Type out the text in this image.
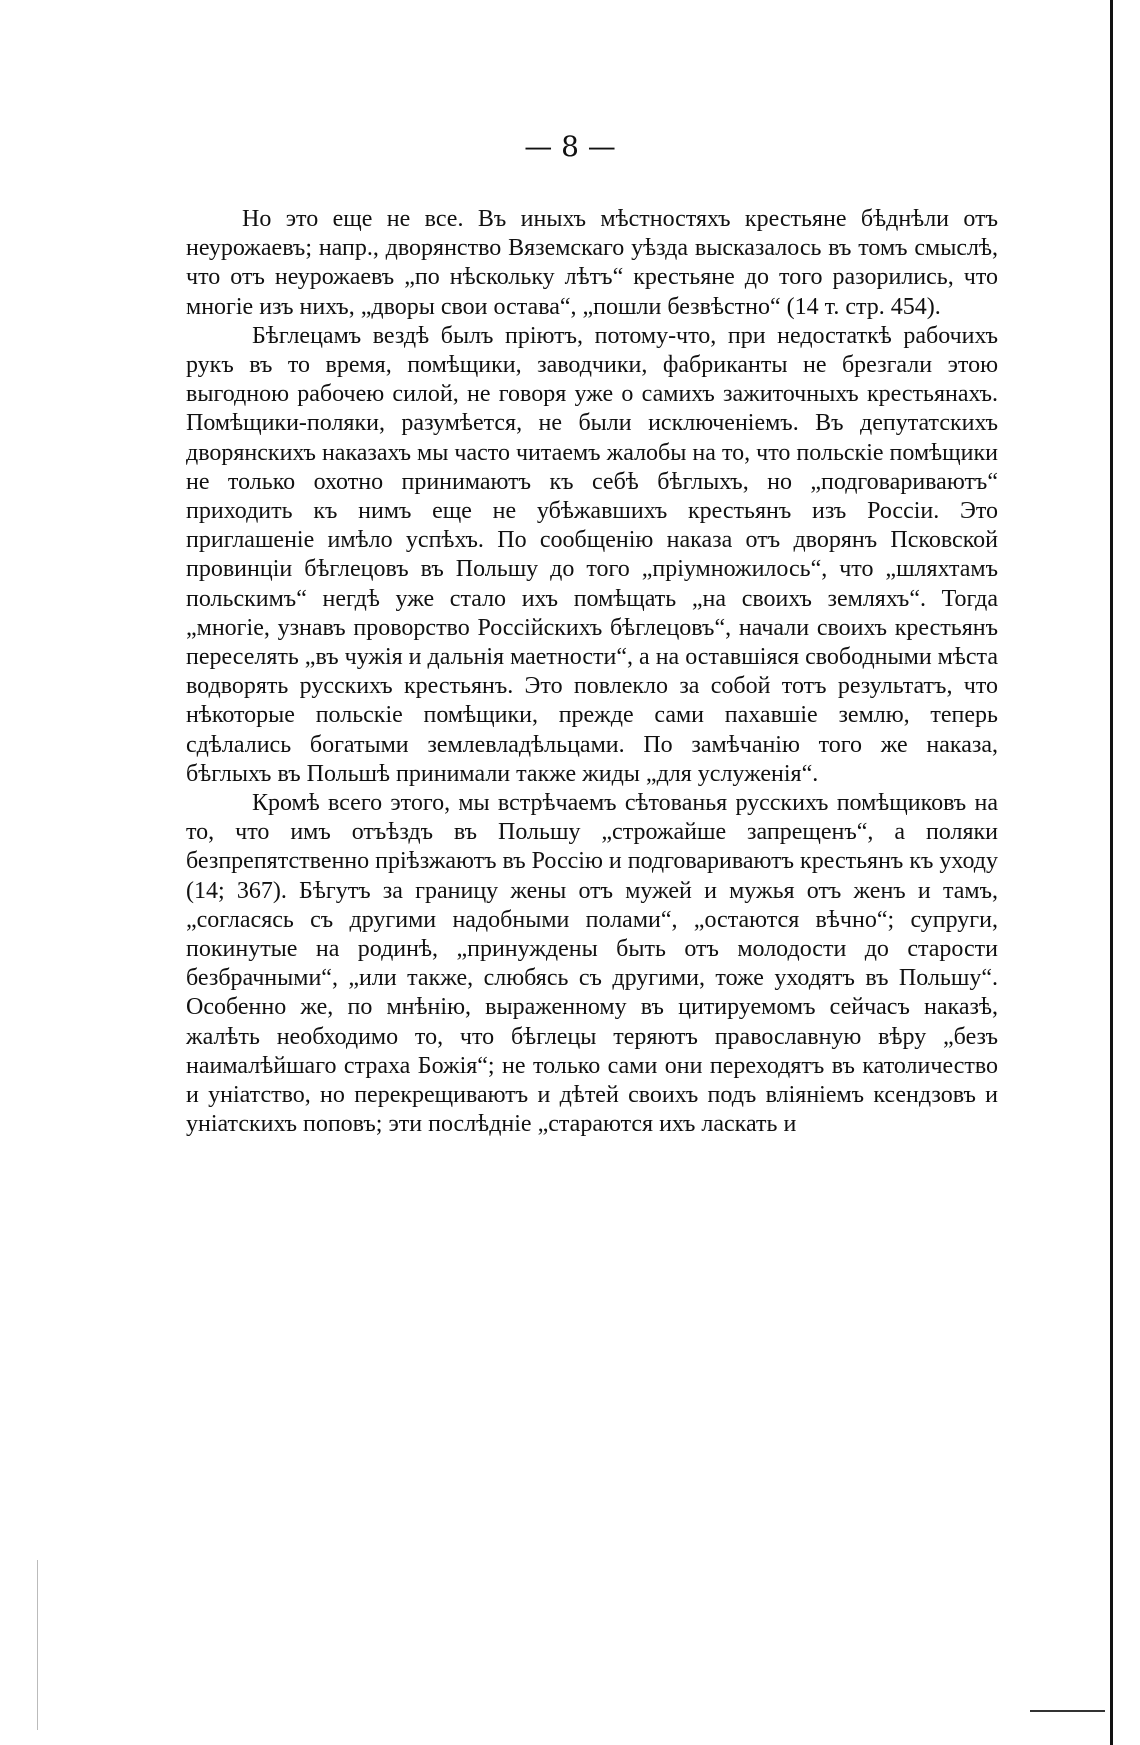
— 8 —

Но это еще не все. Въ иныхъ мѣстностяхъ крестьяне бѣднѣли отъ неурожаевъ; напр., дворянство Вяземскаго уѣзда высказалось въ томъ смыслѣ, что отъ неурожаевъ „по нѣскольку лѣтъ“ крестьяне до того разорились, что многіе изъ нихъ, „дворы свои остава“, „пошли безвѣстно“ (14 т. стр. 454).

Бѣглецамъ вездѣ былъ пріютъ, потому-что, при недостаткѣ рабочихъ рукъ въ то время, помѣщики, заводчики, фабриканты не брезгали этою выгодною рабочею силой, не говоря уже о самихъ зажиточныхъ крестьянахъ. Помѣщики-поляки, разумѣется, не были исключеніемъ. Въ депутатскихъ дворянскихъ наказахъ мы часто читаемъ жалобы на то, что польскіе помѣщики не только охотно принимаютъ къ себѣ бѣглыхъ, но „подговариваютъ“ приходить къ нимъ еще не убѣжавшихъ крестьянъ изъ Россіи. Это приглашеніе имѣло успѣхъ. По сообщенію наказа отъ дворянъ Псковской провинціи бѣглецовъ въ Польшу до того „пріумножилось“, что „шляхтамъ польскимъ“ негдѣ уже стало ихъ помѣщать „на своихъ земляхъ“. Тогда „многіе, узнавъ проворство Россійскихъ бѣглецовъ“, начали своихъ крестьянъ переселять „въ чужія и дальнія маетности“, а на оставшіяся свободными мѣста водворять русскихъ крестьянъ. Это повлекло за собой тотъ результатъ, что нѣкоторые польскіе помѣщики, прежде сами пахавшіе землю, теперь сдѣлались богатыми землевладѣльцами. По замѣчанію того же наказа, бѣглыхъ въ Польшѣ принимали также жиды „для услуженія“.

Кромѣ всего этого, мы встрѣчаемъ сѣтованья русскихъ помѣщиковъ на то, что имъ отъѣздъ въ Польшу „строжайше запрещенъ“, а поляки безпрепятственно пріѣзжаютъ въ Россію и подговариваютъ крестьянъ къ уходу (14; 367). Бѣгутъ за границу жены отъ мужей и мужья отъ женъ и тамъ, „согласясь съ другими надобными полами“, „остаются вѣчно“; супруги, покинутые на родинѣ, „принуждены быть отъ молодости до старости безбрачными“, „или также, слюбясь съ другими, тоже уходятъ въ Польшу“. Особенно же, по мнѣнію, выраженному въ цитируемомъ сейчасъ наказѣ, жалѣть необходимо то, что бѣглецы теряютъ православную вѣру „безъ наималѣйшаго страха Божія“; не только сами они переходятъ въ католичество и уніатство, но перекрещиваютъ и дѣтей своихъ подъ вліяніемъ ксендзовъ и уніатскихъ поповъ; эти послѣдніе „стараются ихъ ласкать и
